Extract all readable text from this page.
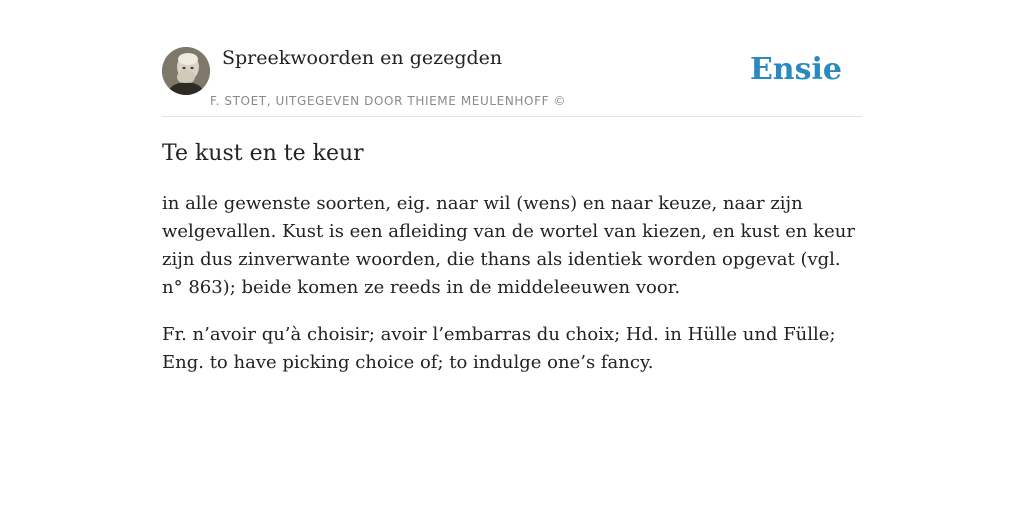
Spreekwoorden en gezegden
F. STOET, UITGEGEVEN DOOR THIEME MEULENHOFF ©
Ensie
Te kust en te keur

in alle gewenste soorten, eig. naar wil (wens) en naar keuze, naar zijn welgevallen. Kust is een afleiding van de wortel van kiezen, en kust en keur zijn dus zinverwante woorden, die thans als identiek worden opgevat (vgl. n° 863); beide komen ze reeds in de middeleeuwen voor.

Fr. n’avoir qu’à choisir; avoir l’embarras du choix; Hd. in Hülle und Fülle; Eng. to have picking choice of; to indulge one’s fancy.
